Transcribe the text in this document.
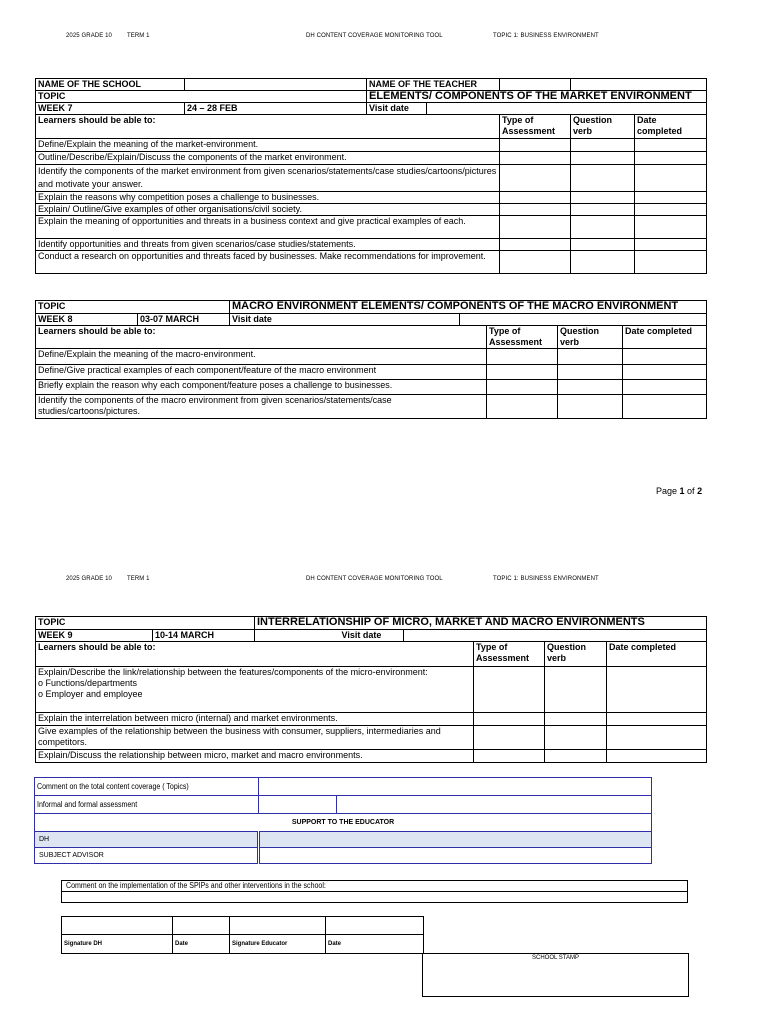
2025 GRADE 10	TERM 1	DH CONTENT COVERAGE MONITORING TOOL	TOPIC 1: BUSINESS ENVIRONMENT
NAME OF THE SCHOOL		NAME OF THE TEACHER				
TOPIC		ELEMENTS/ COMPONENTS OF THE MARKET ENVIRONMENT				
WEEK 7	24 – 28 FEB	Visit date				
Learners should be able to:				Type of Assessment	Question verb	Date completed
Define/Explain the meaning of the market-environment.						
Outline/Describe/Explain/Discuss the components of the market environment.						
Identify the components of the market environment from given scenarios/statements/case studies/cartoons/pictures and motivate your answer.						
Explain the reasons why competition poses a challenge to businesses.						
Explain/ Outline/Give examples of other organisations/civil society.						
Explain the meaning of opportunities and threats in a business context and give practical examples of each.						
Identify opportunities and threats from given scenarios/case studies/statements.						
Conduct a research on opportunities and threats faced by businesses. Make recommendations for improvement.						
TOPIC		MACRO ENVIRONMENT ELEMENTS/ COMPONENTS OF THE MACRO ENVIRONMENT				
WEEK 8	03-07 MARCH	Visit date				
Learners should be able to:				Type of Assessment	Question verb	Date completed
Define/Explain the meaning of the macro-environment.						
Define/Give practical examples of each component/feature of the macro environment						
Briefly explain the reason why each component/feature poses a challenge to businesses.						
Identify the components of the macro environment from given scenarios/statements/case studies/cartoons/pictures.						
Page 1 of 2
2025 GRADE 10	TERM 1	DH CONTENT COVERAGE MONITORING TOOL	TOPIC 1: BUSINESS ENVIRONMENT
TOPIC		INTERRELATIONSHIP OF MICRO, MARKET AND MACRO ENVIRONMENTS				
WEEK 9	10-14 MARCH		Visit date			
Learners should be able to:				Type of Assessment	Question verb	Date completed

Explain/Describe the link/relationship between the features/components of the micro-environment:
o Functions/departments
o Employer and employee						

Explain the interrelation between micro (internal) and market environments.						
Give examples of the relationship between the business with consumer, suppliers, intermediaries and competitors.						
Explain/Discuss the relationship between micro, market and macro environments.						
Comment on the total content coverage ( Topics)		
Informal and formal assessment		
SUPPORT TO THE EDUCATOR		
DH		
SUBJECT ADVISOR		
Comment on the implementation of the SPIPs and other interventions in the school:

Signature DH	Date	Signature Educator	Date
SCHOOL STAMP
